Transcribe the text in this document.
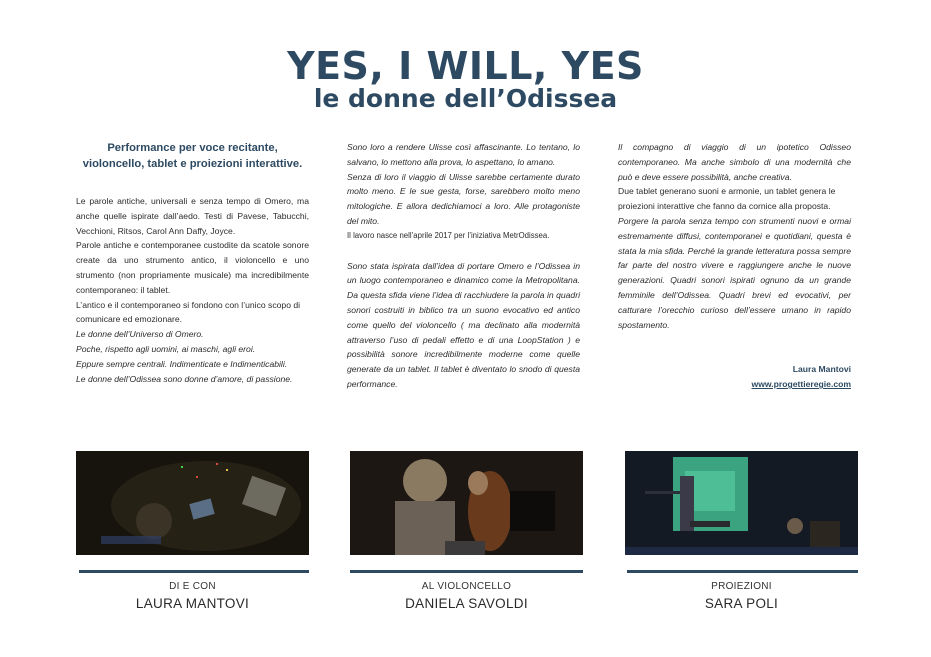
YES, I WILL, YES
le donne dell’Odissea

Performance per voce recitante, violoncello, tablet e proiezioni interattive.

Le parole antiche, universali e senza tempo di Omero, ma anche quelle ispirate dall’aedo. Testi di Pavese, Tabucchi, Vecchioni, Ritsos, Carol Ann Daffy, Joyce.

Parole antiche e contemporanee custodite da scatole sonore create da uno strumento antico, il violoncello e uno strumento (non propriamente musicale) ma incredibilmente contemporaneo: il tablet.

L’antico e il contemporaneo si fondono con l’unico scopo di comunicare ed emozionare.

Le donne dell’Universo di Omero.

Poche, rispetto agli uomini, ai maschi, agli eroi.

Eppure sempre centrali. Indimenticate e Indimenticabili.

Le donne dell’Odissea sono donne d’amore, di passione.

Sono loro a rendere Ulisse così affascinante. Lo tentano, lo salvano, lo mettono alla prova, lo aspettano, lo amano.

Senza di loro il viaggio di Ulisse sarebbe certamente durato molto meno. E le sue gesta, forse, sarebbero molto meno mitologiche. E allora dedichiamoci a loro. Alle protagoniste del mito.

Il lavoro nasce nell’aprile 2017 per l’iniziativa MetrOdissea.

Sono stata ispirata dall’idea di portare Omero e l’Odissea in un luogo contemporaneo e dinamico come la Metropolitana. Da questa sfida viene l’idea di racchiudere la parola in quadri sonori costruiti in biblico tra un suono evocativo ed antico come quello del violoncello ( ma declinato alla modernità attraverso l’uso di pedali effetto e di una LoopStation ) e possibilità sonore incredibilmente moderne come quelle generate da un tablet. Il tablet è diventato lo snodo di questa performance.

Il compagno di viaggio di un ipotetico Odisseo contemporaneo. Ma anche simbolo di una modernità che può e deve essere possibilità, anche creativa.

Due tablet generano suoni e armonie, un tablet genera le proiezioni interattive che fanno da cornice alla proposta.

Porgere la parola senza tempo con strumenti nuovi e ormai estremamente diffusi, contemporanei e quotidiani, questa è stata la mia sfida. Perché la grande letteratura possa sempre far parte del nostro vivere e raggiungere anche le nuove generazioni. Quadri sonori ispirati ognuno da un grande femminile dell’Odissea. Quadri brevi ed evocativi, per catturare l’orecchio curioso dell’essere umano in rapido spostamento.

Laura Mantovi

www.progettieregie.com

DI E CON
LAURA MANTOVI
AL VIOLONCELLO
DANIELA SAVOLDI
PROIEZIONI
SARA POLI
